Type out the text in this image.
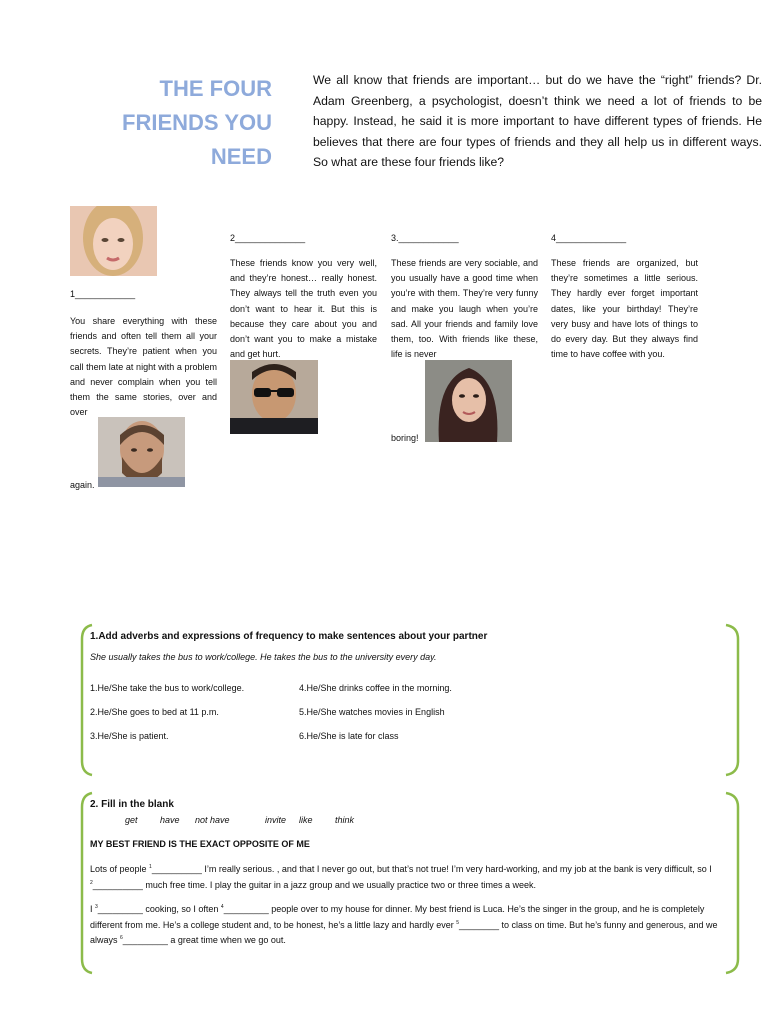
THE FOUR
FRIENDS YOU
NEED

We all know that friends are important… but do we have the “right” friends? Dr. Adam Greenberg, a psychologist, doesn’t think we need a lot of friends to be happy. Instead, he said it is more important to have different types of friends. He believes that there are four types of friends and they all help us in different ways. So what are these four friends like?

1____________

You share everything with these friends and often tell them all your secrets. They’re patient when you call them late at night with a problem and never complain when you tell them the same stories, over and over

again.
2______________

These friends know you very well, and they’re honest… really honest. They always tell the truth even you don’t want to hear it. But this is because they care about you and don’t want you to make a mistake and get hurt.

3.____________

These friends are very sociable, and you usually have a good time when you’re with them. They’re very funny and make you laugh when you’re sad. All your friends and family love them, too. With friends like these, life is never

boring!
4______________

These friends are organized, but they’re sometimes a little serious. They hardly ever forget important dates, like your birthday! They’re very busy and have lots of things to do every day. But they always find time to have coffee with you.

1.Add adverbs and expressions of frequency to make sentences about your partner

She usually takes the bus to work/college. He takes the bus to the university every day.

1.He/She take the bus to work/college.
2.He/She goes to bed at 11 p.m.
3.He/She is patient.
4.He/She drinks coffee in the morning.
5.He/She watches movies in English
6.He/She is late for class

2. Fill in the blank

get have not have	invite like think
MY BEST FRIEND IS THE EXACT OPPOSITE OF ME

Lots of people $^1$__________ I’m really serious. , and that I never go out, but that’s not true! I’m very hard-working, and my job at the bank is very difficult, so I $^2$__________ much free time. I play the guitar in a jazz group and we usually practice two or three times a week.

I $^3$_________ cooking, so I often $^4$_________ people over to my house for dinner. My best friend is Luca. He’s the singer in the group, and he is completely different from me. He’s a college student and, to be honest, he’s a little lazy and hardly ever $^5$________ to class on time. But he’s funny and generous, and we always $^6$_________ a great time when we go out.
